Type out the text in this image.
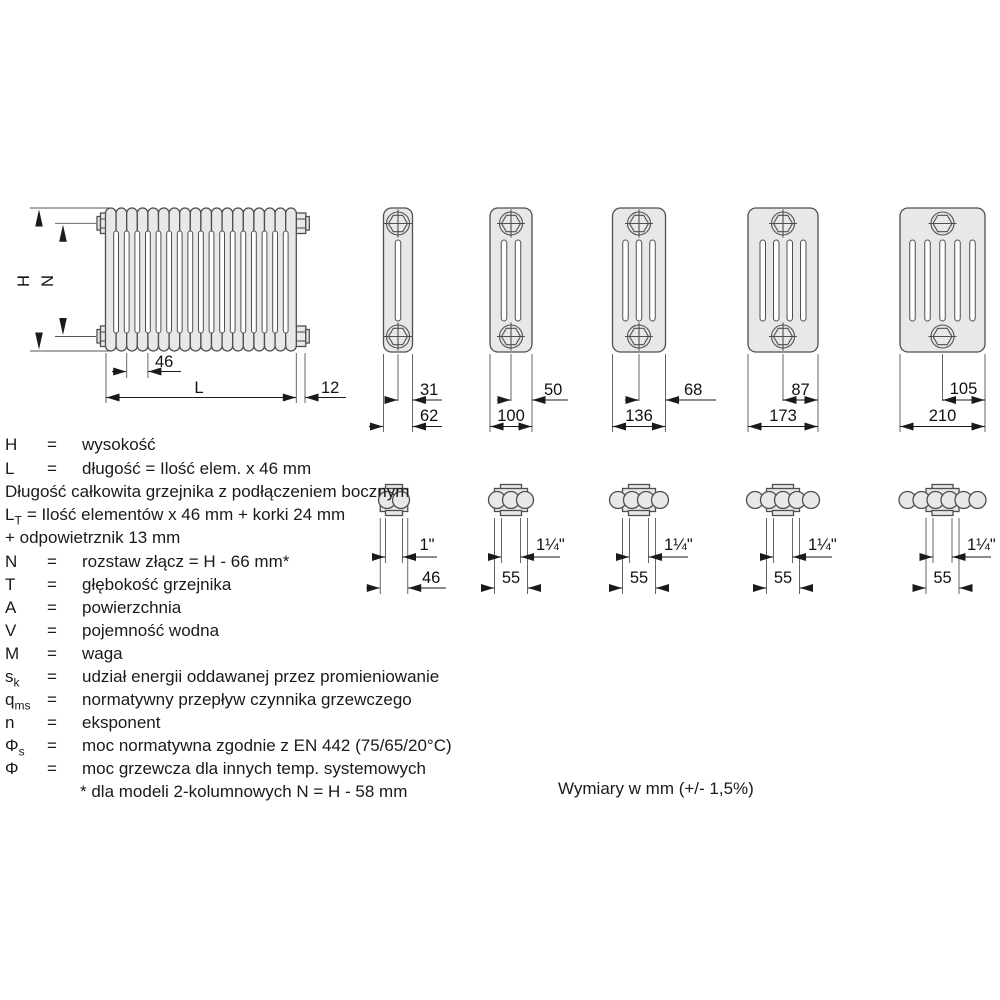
H N
46
L	12	31
62
50
100
68
136
87
173
105
210
1"
46
1¼"
55
1¼"
55
1¼"
55
1¼"
55
H = wysokość
L = długość = Ilość elem. x 46 mm
Długość całkowita grzejnika z podłączeniem bocznym
$L_T$ = Ilość elementów x 46 mm + korki 24 mm
+ odpowietrznik 13 mm
N = rozstaw złącz = H - 66 mm*
T = głębokość grzejnika
A = powierzchnia
V = pojemność wodna
M = waga
$s_k$ = udział energii oddawanej przez promieniowanie
$q_{ms}$ = normatywny przepływ czynnika grzewczego
n = eksponent
$\Phi_s$ = moc normatywna zgodnie z EN 442 (75/65/20°C)
Φ = moc grzewcza dla innych temp. systemowych
* dla modeli 2-kolumnowych N = H - 58 mm	Wymiary w mm (+/- 1,5%)
